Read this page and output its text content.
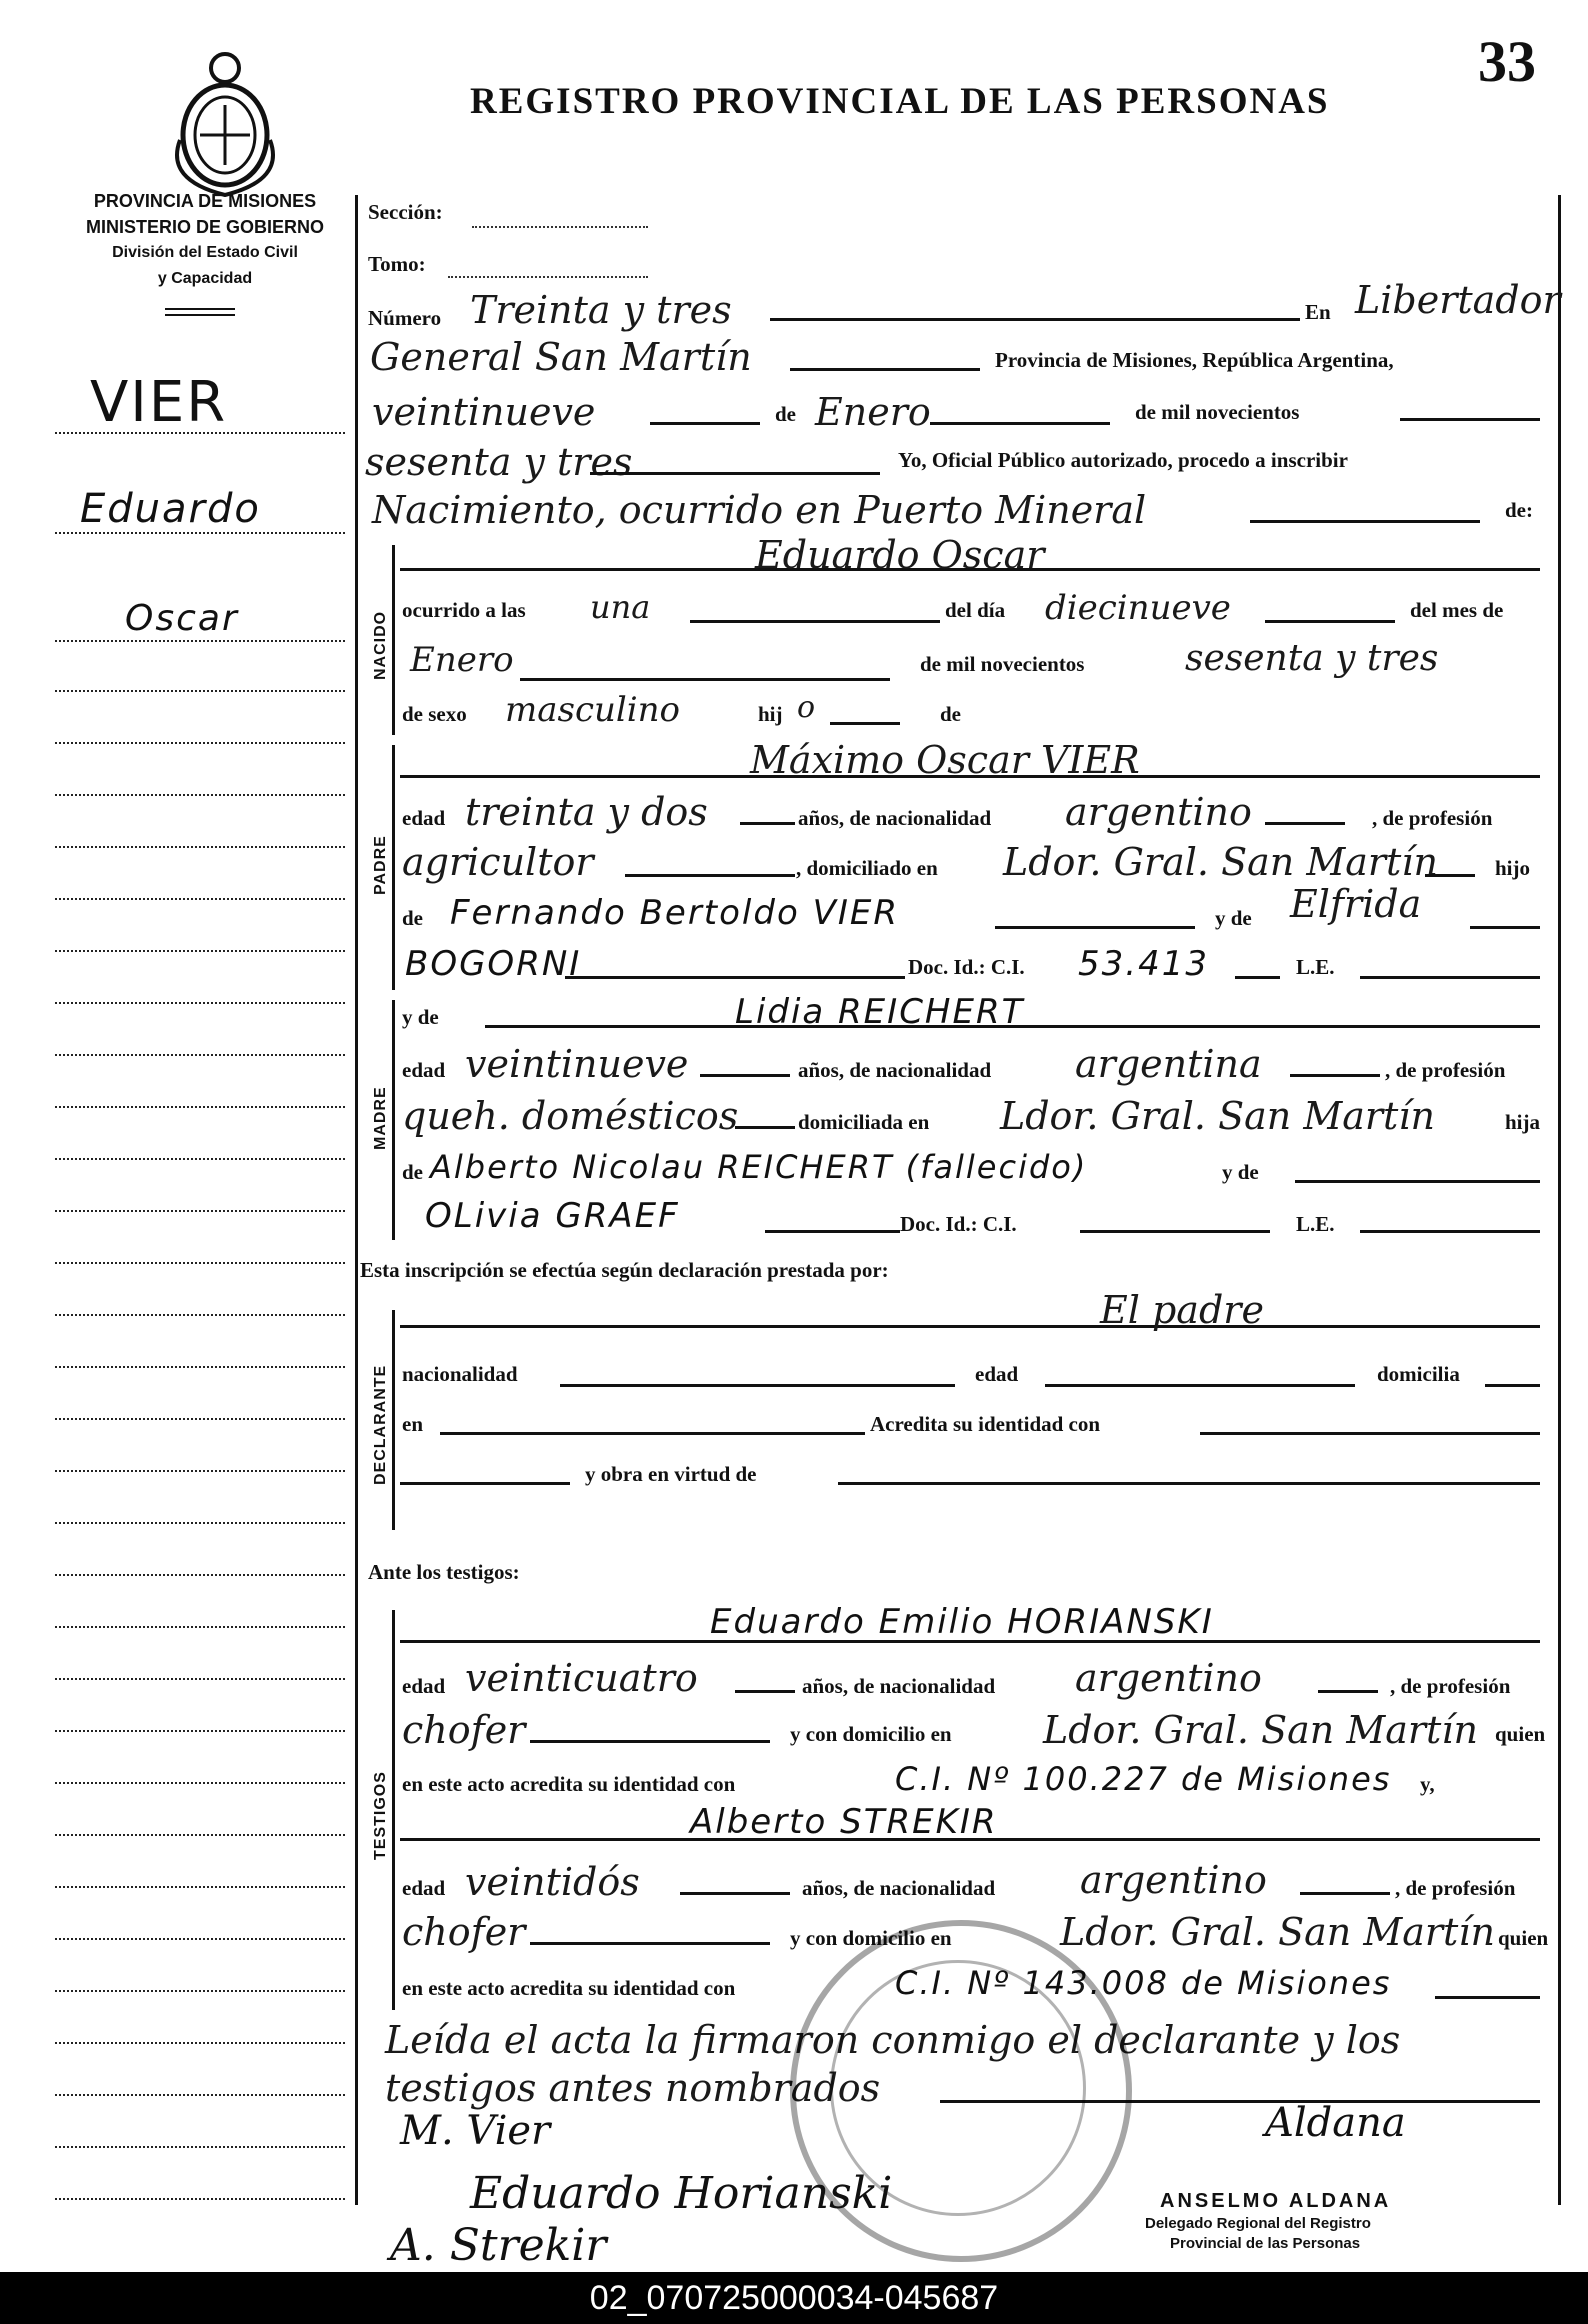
33
REGISTRO PROVINCIAL DE LAS PERSONAS
PROVINCIA DE MISIONES
MINISTERIO DE GOBIERNO
División del Estado Civil
y Capacidad
VIER
Eduardo
Oscar
Sección:
Tomo:
Número Treinta y tres	En Libertador
General San Martín	Provincia de Misiones, República Argentina,
veintinueve	de Enero	de mil novecientos
sesenta y tres	Yo, Oficial Público autorizado, procedo a inscribir
Nacimiento, ocurrido en Puerto Mineral	de:
NACIDO
Eduardo Oscar
ocurrido a las una	del día diecinueve	del mes de
Enero	de mil novecientos	sesenta y tres
de sexo masculino	hij o	de
PADRE
Máximo Oscar VIER
edad treinta y dos	años, de nacionalidad argentino	, de profesión
agricultor	, domiciliado en Ldor. Gral. San Martín	hijo
de Fernando Bertoldo VIER	y de Elfrida
BOGORNI	Doc. Id.: C.I. 53.413	L.E.
MADRE
y de	Lidia REICHERT
edad veintinueve	años, de nacionalidad argentina	, de profesión
queh. domésticos	domiciliada en Ldor. Gral. San Martín	hija
de Alberto Nicolau REICHERT (fallecido)	y de
OLivia GRAEF	Doc. Id.: C.I.	L.E.
Esta inscripción se efectúa según declaración prestada por:
DECLARANTE
El padre
nacionalidad	edad	domicilia
en	Acredita su identidad con
y obra en virtud de
Ante los testigos:
TESTIGOS
Eduardo Emilio HORIANSKI
edad veinticuatro	años, de nacionalidad argentino	, de profesión
chofer	y con domicilio en Ldor. Gral. San Martín quien
en este acto acredita su identidad con	C.I. Nº 100.227 de Misiones y,
Alberto STREKIR
edad veintidós	años, de nacionalidad argentino	, de profesión
chofer	y con domicilio en	Ldor. Gral. San Martín quien
en este acto acredita su identidad con	C.I. Nº 143.008 de Misiones
Leída el acta la firmaron conmigo el declarante y los
testigos antes nombrados
M. Vier
Eduardo Horianski
A. Strekir
Aldana
ANSELMO ALDANA
Delegado Regional del Registro
Provincial de las Personas
02_070725000034-045687
